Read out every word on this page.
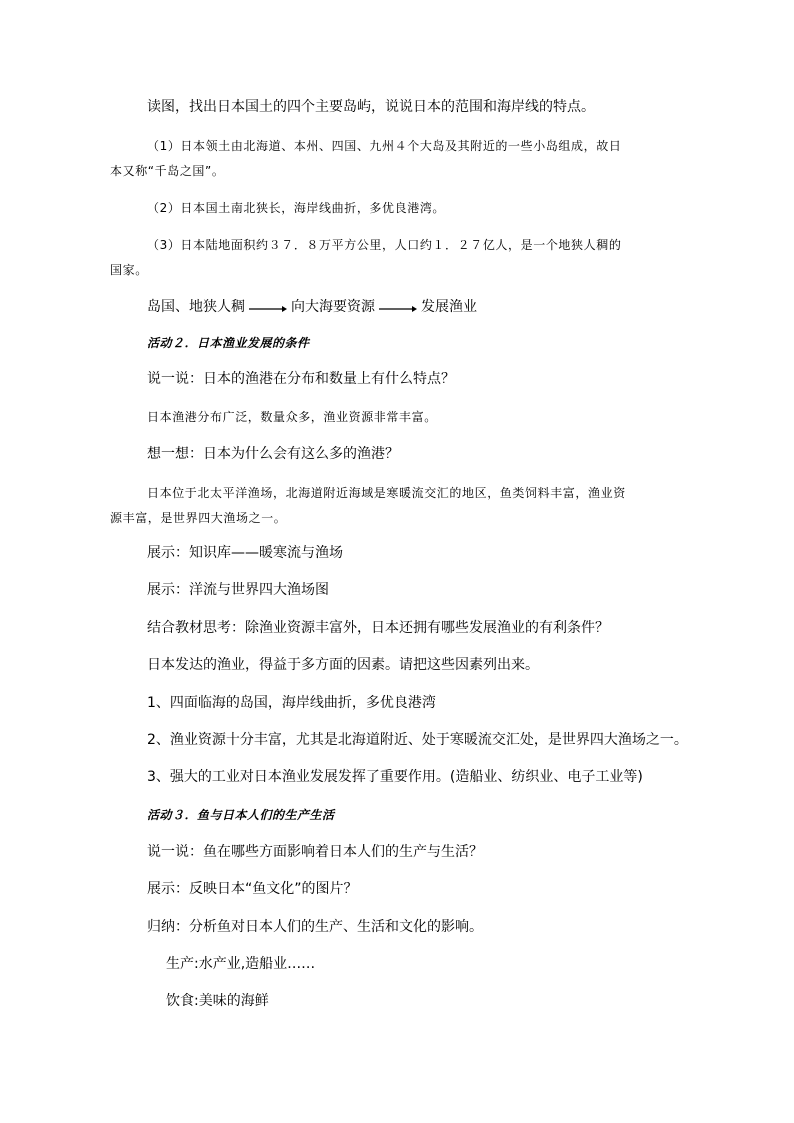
读图，找出日本国土的四个主要岛屿，说说日本的范围和海岸线的特点。
（1）日本领土由北海道、本州、四国、九州４个大岛及其附近的一些小岛组成，故日
本又称“千岛之国”。
（2）日本国土南北狭长，海岸线曲折，多优良港湾。
（3）日本陆地面积约３７．８万平方公里，人口约１．２７亿人，是一个地狭人稠的
国家。
岛国、地狭人稠	向大海要资源	发展渔业
活动２．日本渔业发展的条件
说一说：日本的渔港在分布和数量上有什么特点？
日本渔港分布广泛，数量众多，渔业资源非常丰富。
想一想：日本为什么会有这么多的渔港？
日本位于北太平洋渔场，北海道附近海域是寒暖流交汇的地区，鱼类饲料丰富，渔业资
源丰富，是世界四大渔场之一。
展示：知识库——暖寒流与渔场
展示：洋流与世界四大渔场图
结合教材思考：除渔业资源丰富外，日本还拥有哪些发展渔业的有利条件？
日本发达的渔业，得益于多方面的因素。请把这些因素列出来。
1、四面临海的岛国，海岸线曲折，多优良港湾
2、渔业资源十分丰富，尤其是北海道附近、处于寒暖流交汇处，是世界四大渔场之一。
3、强大的工业对日本渔业发展发挥了重要作用。(造船业、纺织业、电子工业等)
活动３．鱼与日本人们的生产生活
说一说：鱼在哪些方面影响着日本人们的生产与生活？
展示：反映日本“鱼文化”的图片？
归纳：分析鱼对日本人们的生产、生活和文化的影响。
生产:水产业,造船业……
饮食:美味的海鲜
